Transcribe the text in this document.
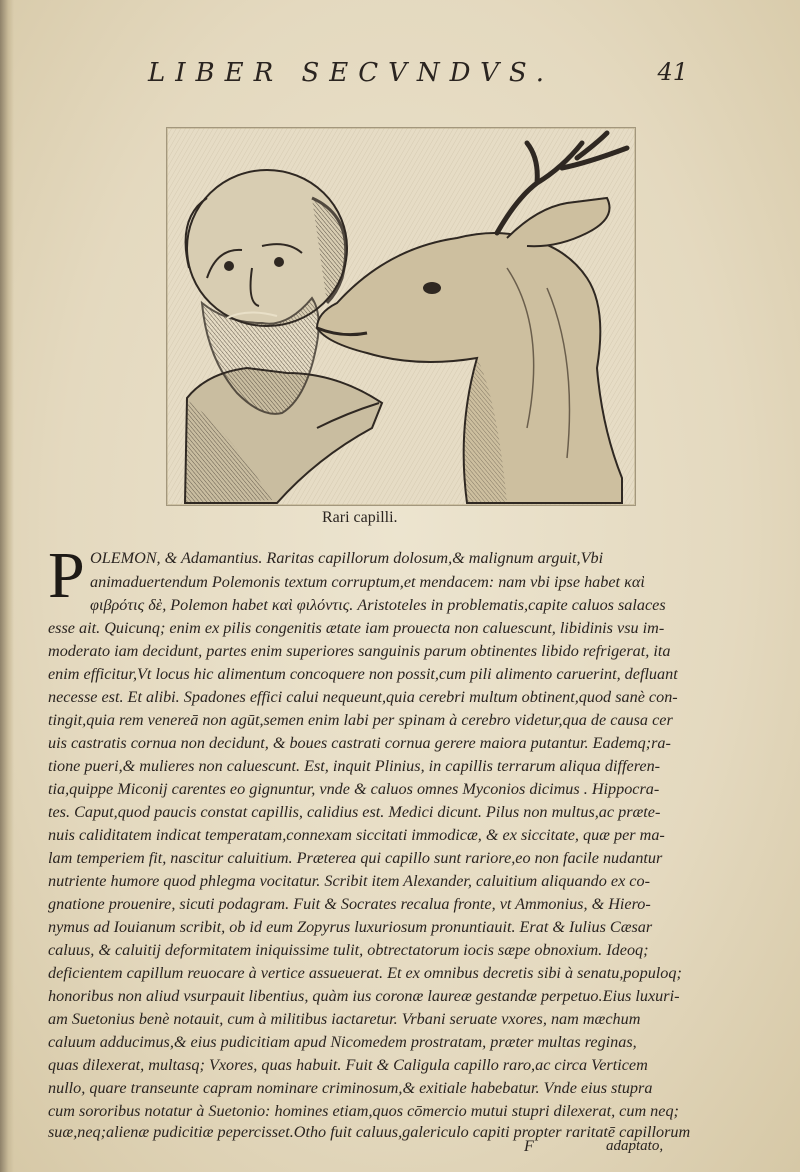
LIBER SECVNDVS.	41
Rari capilli.
P OLEMON, & Adamantius. Raritas capillorum dolosum,& malignum arguit,Vbi
animaduertendum Polemonis textum corruptum,et mendacem: nam vbi ipse habet καὶ
φιβρότις δὲ, Polemon habet καὶ φιλόντις. Aristoteles in problematis,capite caluos salaces
esse ait. Quicunq; enim ex pilis congenitis ætate iam prouecta non caluescunt, libidinis vsu im-
moderato iam decidunt, partes enim superiores sanguinis parum obtinentes libido refrigerat, ita
enim efficitur,Vt locus hic alimentum concoquere non possit,cum pili alimento caruerint, defluant
necesse est. Et alibi. Spadones effici calui nequeunt,quia cerebri multum obtinent,quod sanè con-
tingit,quia rem venereā non agūt,semen enim labi per spinam à cerebro videtur,qua de causa cer
uis castratis cornua non decidunt, & boues castrati cornua gerere maiora putantur. Eademq;ra-
tione pueri,& mulieres non caluescunt. Est, inquit Plinius, in capillis terrarum aliqua differen-
tia,quippe Miconij carentes eo gignuntur, vnde & caluos omnes Myconios dicimus . Hippocra-
tes. Caput,quod paucis constat capillis, calidius est. Medici dicunt. Pilus non multus,ac præte-
nuis caliditatem indicat temperatam,connexam siccitati immodicæ, & ex siccitate, quæ per ma-
lam temperiem fit, nascitur caluitium. Præterea qui capillo sunt rariore,eo non facile nudantur
nutriente humore quod phlegma vocitatur. Scribit item Alexander, caluitium aliquando ex co-
gnatione prouenire, sicuti podagram. Fuit & Socrates recalua fronte, vt Ammonius, & Hiero-
nymus ad Iouianum scribit, ob id eum Zopyrus luxuriosum pronuntiauit. Erat & Iulius Cæsar
caluus, & caluitij deformitatem iniquissime tulit, obtrectatorum iocis sæpe obnoxium. Ideoq;
deficientem capillum reuocare à vertice assueuerat. Et ex omnibus decretis sibi à senatu,populoq;
honoribus non aliud vsurpauit libentius, quàm ius coronæ laureæ gestandæ perpetuo.Eius luxuri-
am Suetonius benè notauit, cum à militibus iactaretur. Vrbani seruate vxores, nam mæchum
caluum adducimus,& eius pudicitiam apud Nicomedem prostratam, præter multas reginas,
quas dilexerat, multasq; Vxores, quas habuit. Fuit & Caligula capillo raro,ac circa Verticem
nullo, quare transeunte capram nominare criminosum,& exitiale habebatur. Vnde eius stupra
cum sororibus notatur à Suetonio: homines etiam,quos cōmercio mutui stupri dilexerat, cum neq;
suæ,neq;alienæ pudicitiæ pepercisset.Otho fuit caluus,galericulo capiti propter raritatē capillorum
F	adaptato,
